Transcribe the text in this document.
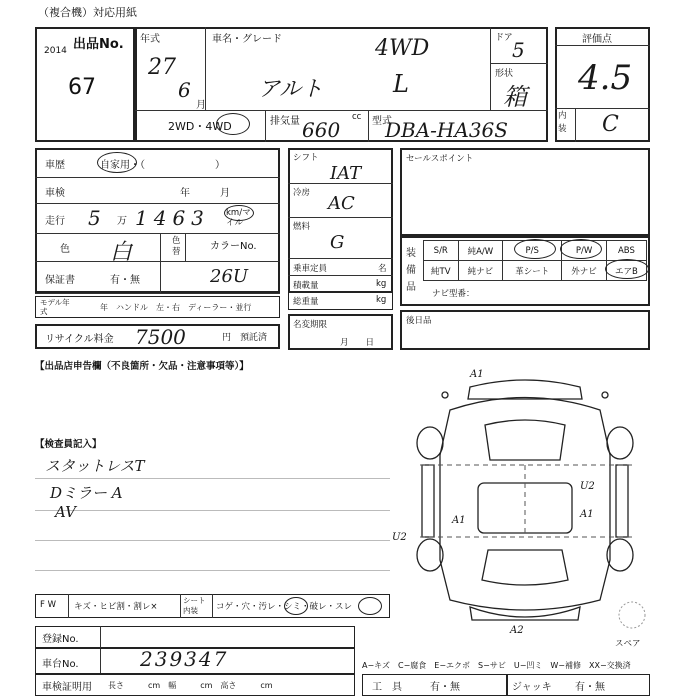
（複合機）対応用紙
出品No.
2014
67
年式
27
6
月
車名・グレード	4WD
アルト	L
ドア 5
形状
箱
2WD・4WD	排気量 660
cc 型式
DBA-HA36S
評価点
4.5
内装 C
車歴	自家用・（　　　　　　　）
車検	年　　　月
走行 5 万 1463 km/マイル
色 白	色替	カラーNo.
保証書	有・無	26U
モデル年式	年　ハンドル　左・右　ディーラー・並行
リサイクル料金 7500	円　預託済
シフト
IAT
冷房 AC
燃料
G
乗車定員	名
積載量	kg
総重量	kg
名変期限
月　　日
セールスポイント
装備品
S/R	純A/W	P/S	P/W	ABS
純TV	純ナビ	革シート	外ナビ	エアB
ナビ型番：
後日品
【出品店申告欄（不良箇所・欠品・注意事項等）】
【検査員記入】
スタットレスT
Dミラー A
AV
A1
U2
A1
A1
U2
A2
スペア
F W キズ・ヒビ割・割レ×
シート内装	コゲ・穴・汚レ・シミ・破レ・スレ
登録No.
車台No.	239347
車検証明用 長さ　　　cm　幅　　　cm　高さ　　　cm
A−キズ　C−腐食　E−エクボ　S−サビ　U−凹ミ　W−補修　XX−交換済
工　具	有・無	ジャッキ 有・無
